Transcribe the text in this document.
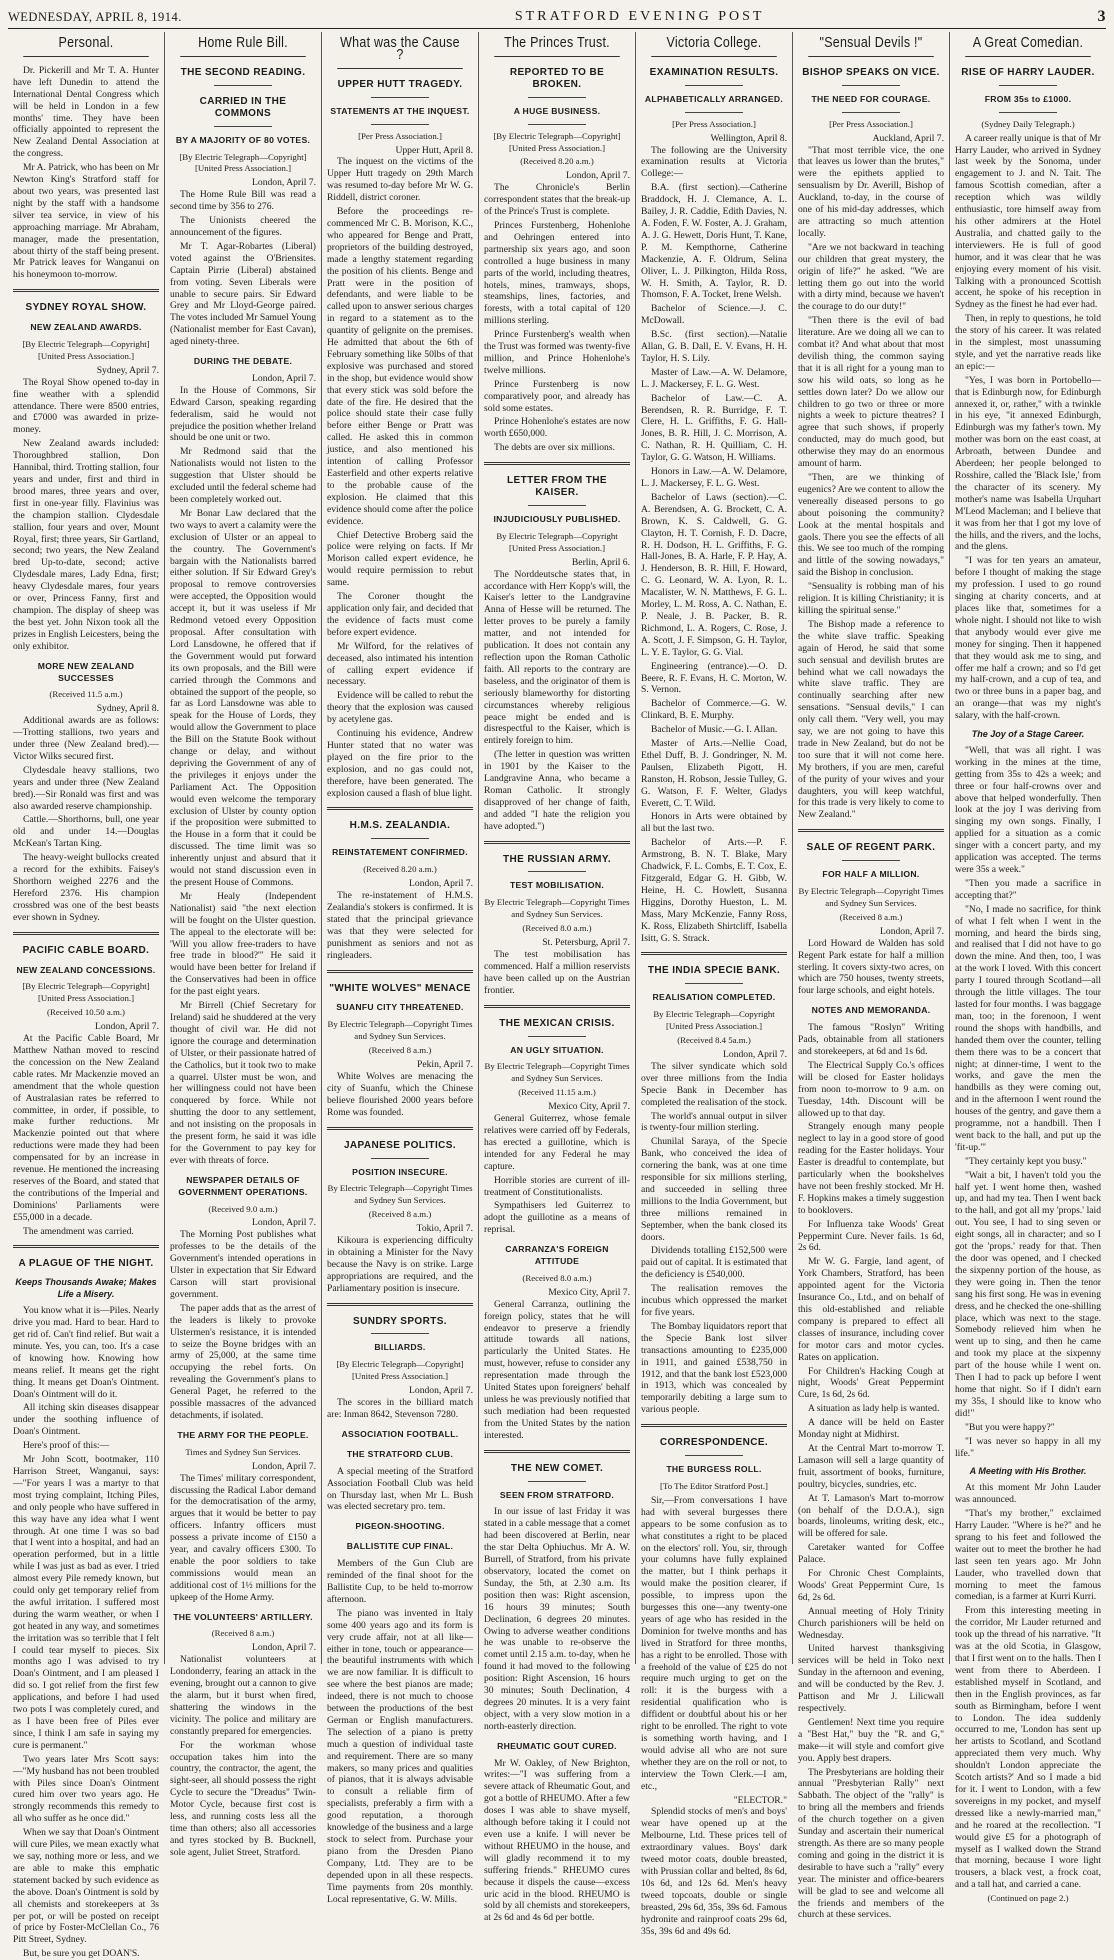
WEDNESDAY, APRIL 8, 1914.	STRATFORD EVENING POST	3
Personal.

Dr. Pickerill and Mr T. A. Hunter have left Dunedin to attend the International Dental Congress which will be held in London in a few months' time. They have been officially appointed to represent the New Zealand Dental Association at the congress.

Mr A. Patrick, who has been on Mr Newton King's Stratford staff for about two years, was presented last night by the staff with a handsome silver tea service, in view of his approaching marriage. Mr Abraham, manager, made the presentation, about thirty of the staff being present. Mr Patrick leaves for Wanganui on his honeymoon to-morrow.

SYDNEY ROYAL SHOW.
NEW ZEALAND AWARDS.
[By Electric Telegraph—Copyright] [United Press Association.]
Sydney, April 7.

The Royal Show opened to-day in fine weather with a splendid attendance. There were 8500 entries, and £7000 was awarded in prize-money.

New Zealand awards included: Thoroughbred stallion, Don Hannibal, third. Trotting stallion, four years and under, first and third in brood mares, three years and over, first in one-year filly. Flavinius was the champion stallion. Clydesdale stallion, four years and over, Mount Royal, first; three years, Sir Gartland, second; two years, the New Zealand bred Up-to-date, second; active Clydesdale mares, Lady Edna, first; heavy Clydesdale mares, four years or over, Princess Fanny, first and champion. The display of sheep was the best yet. John Nixon took all the prizes in English Leicesters, being the only exhibitor.

MORE NEW ZEALAND SUCCESSES
(Received 11.5 a.m.)
Sydney, April 8.

Additional awards are as follows:—Trotting stallions, two years and under three (New Zealand bred).—Victor Wilks secured first.

Clydesdale heavy stallions, two years and under three (New Zealand bred).—Sir Ronald was first and was also awarded reserve championship.

Cattle.—Shorthorns, bull, one year old and under 14.—Douglas McKean's Tartan King.

The heavy-weight bullocks created a record for the exhibits. Faisey's Shorthorn weighed 2276 and the Hereford 2376. His champion crossbred was one of the best beasts ever shown in Sydney.

PACIFIC CABLE BOARD.
NEW ZEALAND CONCESSIONS.
[By Electric Telegraph—Copyright] [United Press Association.]
(Received 10.50 a.m.)
London, April 7.

At the Pacific Cable Board, Mr Matthew Nathan moved to rescind the concession on the New Zealand cable rates. Mr Mackenzie moved an amendment that the whole question of Australasian rates be referred to committee, in order, if possible, to make further reductions. Mr Mackenzie pointed out that where reductions were made they had been compensated for by an increase in revenue. He mentioned the increasing reserves of the Board, and stated that the contributions of the Imperial and Dominions' Parliaments were £55,000 in a decade.

The amendment was carried.

A PLAGUE OF THE NIGHT.
Keeps Thousands Awake; Makes Life a Misery.

You know what it is—Piles. Nearly drive you mad. Hard to bear. Hard to get rid of. Can't find relief. But wait a minute. Yes, you can, too. It's a case of knowing how. Knowing how means relief. It means get the right thing. It means get Doan's Ointment. Doan's Ointment will do it.

All itching skin diseases disappear under the soothing influence of Doan's Ointment.

Here's proof of this:—

Mr John Scott, bootmaker, 110 Harrison Street, Wanganui, says:—"For years I was a martyr to that most trying complaint, Itching Piles, and only people who have suffered in this way have any idea what I went through. At one time I was so bad that I went into a hospital, and had an operation performed, but in a little while I was just as bad as ever. I tried almost every Pile remedy known, but could only get temporary relief from the awful irritation. I suffered most during the warm weather, or when I got heated in any way, and sometimes the irritation was so terrible that I felt I could tear myself to pieces. Six months ago I was advised to try Doan's Ointment, and I am pleased I did so. I got relief from the first few applications, and before I had used two pots I was completely cured, and as I have been free of Piles ever since, I think I am safe in saying my cure is permanent."

Two years later Mrs Scott says:—"My husband has not been troubled with Piles since Doan's Ointment cured him over two years ago. He strongly recommends this remedy to all who suffer as he once did."

When we say that Doan's Ointment will cure Piles, we mean exactly what we say, nothing more or less, and we are able to make this emphatic statement backed by such evidence as the above. Doan's Ointment is sold by all chemists and storekeepers at 3s per pot, or will be posted on receipt of price by Foster-McClellan Co., 76 Pitt Street, Sydney.

But, be sure you get DOAN'S.

Home Rule Bill.
THE SECOND READING.
CARRIED IN THE COMMONS
BY A MAJORITY OF 80 VOTES.
[By Electric Telegraph—Copyright] [United Press Association.]
London, April 7.

The Home Rule Bill was read a second time by 356 to 276.

The Unionists cheered the announcement of the figures.

Mr T. Agar-Robartes (Liberal) voted against the O'Briensites. Captain Pirrie (Liberal) abstained from voting. Seven Liberals were unable to secure pairs. Sir Edward Grey and Mr Lloyd-George paired. The votes included Mr Samuel Young (Nationalist member for East Cavan), aged ninety-three.

DURING THE DEBATE.
London, April 7.

In the House of Commons, Sir Edward Carson, speaking regarding federalism, said he would not prejudice the position whether Ireland should be one unit or two.

Mr Redmond said that the Nationalists would not listen to the suggestion that Ulster should be excluded until the federal scheme had been completely worked out.

Mr Bonar Law declared that the two ways to avert a calamity were the exclusion of Ulster or an appeal to the country. The Government's bargain with the Nationalists barred either solution. If Sir Edward Grey's proposal to remove controversies were accepted, the Opposition would accept it, but it was useless if Mr Redmond vetoed every Opposition proposal. After consultation with Lord Lansdowne, he offered that if the Government would put forward its own proposals, and the Bill were carried through the Commons and obtained the support of the people, so far as Lord Lansdowne was able to speak for the House of Lords, they would allow the Government to place the Bill on the Statute Book without change or delay, and without depriving the Government of any of the privileges it enjoys under the Parliament Act. The Opposition would even welcome the temporary exclusion of Ulster by county option if the proposition were submitted to the House in a form that it could be discussed. The time limit was so inherently unjust and absurd that it would not stand discussion even in the present House of Commons.

Mr Healy (Independent Nationalist) said "the next election will be fought on the Ulster question. The appeal to the electorate will be: 'Will you allow free-traders to have free trade in blood?'" He said it would have been better for Ireland if the Conservatives had been in office for the past eight years.

Mr Birrell (Chief Secretary for Ireland) said he shuddered at the very thought of civil war. He did not ignore the courage and determination of Ulster, or their passionate hatred of the Catholics, but it took two to make a quarrel. Ulster must be won, and her willingness could not have been conquered by force. While not shutting the door to any settlement, and not insisting on the proposals in the present form, he said it was idle for the Government to pay key for ever with threats of force.

NEWSPAPER DETAILS OF GOVERNMENT OPERATIONS.
(Received 9.0 a.m.)
London, April 7.

The Morning Post publishes what professes to be the details of the Government's intended operations in Ulster in expectation that Sir Edward Carson will start provisional government.

The paper adds that as the arrest of the leaders is likely to provoke Ulstermen's resistance, it is intended to seize the Boyne bridges with an army of 25,000, at the same time occupying the rebel forts. On revealing the Government's plans to General Paget, he referred to the possible massacres of the advanced detachments, if isolated.

THE ARMY FOR THE PEOPLE.
Times and Sydney Sun Services.
London, April 7.

The Times' military correspondent, discussing the Radical Labor demand for the democratisation of the army, argues that it would be better to pay officers. Infantry officers must possess a private income of £150 a year, and cavalry officers £300. To enable the poor soldiers to take commissions would mean an additional cost of 1½ millions for the upkeep of the Home Army.

THE VOLUNTEERS' ARTILLERY.
(Received 8 a.m.)
London, April 7.

Nationalist volunteers at Londonderry, fearing an attack in the evening, brought out a cannon to give the alarm, but it burst when fired, shattering the windows in the vicinity. The police and military are constantly prepared for emergencies.

For the workman whose occupation takes him into the country, the contractor, the agent, the sight-seer, all should possess the right Cycle to secure the "Dreadus" Twin-Motor Cycle, because first cost is less, and running costs less all the time than others; also all accessories and tyres stocked by B. Bucknell, sole agent, Juliet Street, Stratford.

What was the Cause ?
UPPER HUTT TRAGEDY.
STATEMENTS AT THE INQUEST.
[Per Press Association.]
Upper Hutt, April 8.

The inquest on the victims of the Upper Hutt tragedy on 29th March was resumed to-day before Mr W. G. Riddell, district coroner.

Before the proceedings re-commenced Mr C. B. Morison, K.C., who appeared for Benge and Pratt, proprietors of the building destroyed, made a lengthy statement regarding the position of his clients. Benge and Pratt were in the position of defendants, and were liable to be called upon to answer serious charges in regard to a statement as to the quantity of gelignite on the premises. He admitted that about the 6th of February something like 50lbs of that explosive was purchased and stored in the shop, but evidence would show that every stick was sold before the date of the fire. He desired that the police should state their case fully before either Benge or Pratt was called. He asked this in common justice, and also mentioned his intention of calling Professor Easterfield and other experts relative to the probable cause of the explosion. He claimed that this evidence should come after the police evidence.

Chief Detective Broberg said the police were relying on facts. If Mr Morison called expert evidence, he would require permission to rebut same.

The Coroner thought the application only fair, and decided that the evidence of facts must come before expert evidence.

Mr Wilford, for the relatives of deceased, also intimated his intention of calling expert evidence if necessary.

Evidence will be called to rebut the theory that the explosion was caused by acetylene gas.

Continuing his evidence, Andrew Hunter stated that no water was played on the fire prior to the explosion, and no gas could not, therefore, have been generated. The explosion caused a flash of blue light.

H.M.S. ZEALANDIA.
REINSTATEMENT CONFIRMED.
(Received 8.20 a.m.)
London, April 7.

The re-instatement of H.M.S. Zealandia's stokers is confirmed. It is stated that the principal grievance was that they were selected for punishment as seniors and not as ringleaders.

"WHITE WOLVES" MENACE
SUANFU CITY THREATENED.
By Electric Telegraph—Copyright Times and Sydney Sun Services.
(Received 8 a.m.)
Pekin, April 7.

White Wolves are menacing the city of Suanfu, which the Chinese believe flourished 2000 years before Rome was founded.

JAPANESE POLITICS.
POSITION INSECURE.
By Electric Telegraph—Copyright Times and Sydney Sun Services.
(Received 8 a.m.)
Tokio, April 7.

Kikoura is experiencing difficulty in obtaining a Minister for the Navy because the Navy is on strike. Large appropriations are required, and the Parliamentary position is insecure.

SUNDRY SPORTS.
BILLIARDS.
[By Electric Telegraph—Copyright] [United Press Association.]
London, April 7.

The scores in the billiard match are: Inman 8642, Stevenson 7280.

ASSOCIATION FOOTBALL.
THE STRATFORD CLUB.

A special meeting of the Stratford Association Football Club was held on Thursday last, when Mr L. Bush was elected secretary pro. tem.

PIGEON-SHOOTING.
BALLISTITE CUP FINAL.

Members of the Gun Club are reminded of the final shoot for the Ballistite Cup, to be held to-morrow afternoon.

The piano was invented in Italy some 400 years ago and its form is very crude affair, not at all like—either in tone, touch or appearance—the beautiful instruments with which we are now familiar. It is difficult to see where the best pianos are made; indeed, there is not much to choose between the productions of the best German or English manufacturers. The selection of a piano is pretty much a question of individual taste and requirement. There are so many makers, so many prices and qualities of pianos, that it is always advisable to consult a reliable firm of specialists, preferably a firm with a good reputation, a thorough knowledge of the business and a large stock to select from. Purchase your piano from the Dresden Piano Company, Ltd. They are to be depended upon in all these respects. Time payments from 20s monthly. Local representative, G. W. Mills.

The Princes Trust.
REPORTED TO BE BROKEN.
A HUGE BUSINESS.
[By Electric Telegraph—Copyright] [United Press Association.]
(Received 8.20 a.m.)
London, April 7.

The Chronicle's Berlin correspondent states that the break-up of the Prince's Trust is complete.

Princes Furstenberg, Hohenlohe and Oehringen entered into partnership six years ago, and soon controlled a huge business in many parts of the world, including theatres, hotels, mines, tramways, shops, steamships, lines, factories, and forests, with a total capital of 120 millions sterling.

Prince Furstenberg's wealth when the Trust was formed was twenty-five million, and Prince Hohenlohe's twelve millions.

Prince Furstenberg is now comparatively poor, and already has sold some estates.

Prince Hohenlohe's estates are now worth £650,000.

The debts are over six millions.

LETTER FROM THE KAISER.
INJUDICIOUSLY PUBLISHED.
By Electric Telegraph—Copyright [United Press Association.]
Berlin, April 6.

The Norddeutsche states that, in accordance with Herr Kopp's will, the Kaiser's letter to the Landgravine Anna of Hesse will be returned. The letter proves to be purely a family matter, and not intended for publication. It does not contain any reflection upon the Roman Catholic faith. All reports to the contrary are baseless, and the originator of them is seriously blameworthy for distorting circumstances whereby religious peace might be ended and is disrespectful to the Kaiser, which is entirely foreign to him.

(The letter in question was written in 1901 by the Kaiser to the Landgravine Anna, who became a Roman Catholic. It strongly disapproved of her change of faith, and added "I hate the religion you have adopted.")

THE RUSSIAN ARMY.
TEST MOBILISATION.
By Electric Telegraph—Copyright Times and Sydney Sun Services.
(Received 8.0 a.m.)
St. Petersburg, April 7.

The test mobilisation has commenced. Half a million reservists have been called up on the Austrian frontier.

THE MEXICAN CRISIS.
AN UGLY SITUATION.
By Electric Telegraph—Copyright Times and Sydney Sun Services.
(Received 11.15 a.m.)
Mexico City, April 7.

General Guiterrez, whose female relatives were carried off by Federals, has erected a guillotine, which is intended for any Federal he may capture.

Horrible stories are current of ill-treatment of Constitutionalists.

Sympathisers led Guiterrez to adopt the guillotine as a means of reprisal.

CARRANZA'S FOREIGN ATTITUDE
(Received 8.0 a.m.)
Mexico City, April 7.

General Carranza, outlining the foreign policy, states that he will endeavor to preserve a friendly attitude towards all nations, particularly the United States. He must, however, refuse to consider any representation made through the United States upon foreigners' behalf unless he was previously notified that such mediation had been requested from the United States by the nation interested.

THE NEW COMET.
SEEN FROM STRATFORD.

In our issue of last Friday it was stated in a cable message that a comet had been discovered at Berlin, near the star Delta Ophiuchus. Mr A. W. Burrell, of Stratford, from his private observatory, located the comet on Sunday, the 5th, at 2.30 a.m. Its position then was: Right ascension, 16 hours 39 minutes; South Declination, 6 degrees 20 minutes. Owing to adverse weather conditions he was unable to re-observe the comet until 2.15 a.m. to-day, when he found it had moved to the following position: Right Ascension, 16 hours 30 minutes; South Declination, 4 degrees 20 minutes. It is a very faint object, with a very slow motion in a north-easterly direction.

RHEUMATIC GOUT CURED.

Mr W. Oakley, of New Brighton, writes:—"I was suffering from a severe attack of Rheumatic Gout, and got a bottle of RHEUMO. After a few doses I was able to shave myself, although before taking it I could not even use a knife. I will never be without RHEUMO in the house, and will gladly recommend it to my suffering friends." RHEUMO cures because it dispels the cause—excess uric acid in the blood. RHEUMO is sold by all chemists and storekeepers, at 2s 6d and 4s 6d per bottle.

Victoria College.
EXAMINATION RESULTS.
ALPHABETICALLY ARRANGED.
[Per Press Association.]
Wellington, April 8.

The following are the University examination results at Victoria College:—

B.A. (first section).—Catherine Braddock, H. J. Clemance, A. L. Bailey, J. R. Caddie, Edith Davies, N. A. Foden, F. W. Foster, A. J. Graham, A. J. G. Hewett, Doris Hunt, T. Kane, P. M. Kempthorne, Catherine Mackenzie, A. F. Oldrum, Selina Oliver, L. J. Pilkington, Hilda Ross, W. H. Smith, A. Taylor, R. D. Thomson, F. A. Tocket, Irene Welsh.

Bachelor of Science.—J. C. McDowall.

B.Sc. (first section).—Natalie Allan, G. B. Dall, E. V. Evans, H. H. Taylor, H. S. Lily.

Master of Law.—A. W. Delamore, L. J. Mackersey, F. L. G. West.

Bachelor of Law.—C. A. Berendsen, R. R. Burridge, F. T. Clere, H. L. Griffiths, F. G. Hall-Jones, B. R. Hill, J. C. Morrison, A. C. Nathan, R. H. Quilliam, C. H. Taylor, G. G. Watson, H. Williams.

Honors in Law.—A. W. Delamore, L. J. Mackersey, F. L. G. West.

Bachelor of Laws (section).—C. A. Berendsen, A. G. Brockett, C. A. Brown, K. S. Caldwell, G. G. Clayton, H. T. Cornish, F. D. Dacre, R. H. Dodson, H. L. Griffiths, F. G. Hall-Jones, B. A. Harle, F. P. Hay, A. J. Henderson, B. R. Hill, F. Howard, C. G. Leonard, W. A. Lyon, R. L. Macalister, W. N. Matthews, F. G. L. Morley, L. M. Ross, A. C. Nathan, E. P. Neale, J. B. Packer, B. R. Richmond, L. A. Rogers, C. Rose, J. A. Scott, J. F. Simpson, G. H. Taylor, L. Y. E. Taylor, G. G. Vial.

Engineering (entrance).—O. D. Beere, R. F. Evans, H. C. Morton, W. S. Vernon.

Bachelor of Commerce.—G. W. Clinkard, B. E. Murphy.

Bachelor of Music.—G. I. Allan.

Master of Arts.—Nellie Coad, Ethel Duff, B. J. Gondringer, N. M. Paulsen, Elizabeth Pigott, H. Ranston, H. Robson, Jessie Tulley, G. G. Watson, F. F. Welter, Gladys Everett, C. T. Wild.

Honors in Arts were obtained by all but the last two.

Bachelor of Arts.—P. F. Armstrong, B. N. T. Blake, Mary Chadwick, F. L. Combs, E. T. Cox, E. Fitzgerald, Edgar G. H. Gibb, W. Heine, H. C. Howlett, Susanna Higgins, Dorothy Hueston, L. M. Mass, Mary McKenzie, Fanny Ross, K. Ross, Elizabeth Shirtcliff, Isabella Isitt, G. S. Strack.

THE INDIA SPECIE BANK.
REALISATION COMPLETED.
By Electric Telegraph—Copyright [United Press Association.]
(Received 8.4 5a.m.)
London, April 7.

The silver syndicate which sold over three millions from the India Specie Bank in December has completed the realisation of the stock.

The world's annual output in silver is twenty-four million sterling.

Chunilal Saraya, of the Specie Bank, who conceived the idea of cornering the bank, was at one time responsible for six millions sterling, and succeeded in selling three millions to the India Government, but three millions remained in September, when the bank closed its doors.

Dividends totalling £152,500 were paid out of capital. It is estimated that the deficiency is £540,000.

The realisation removes the incubus which oppressed the market for five years.

The Bombay liquidators report that the Specie Bank lost silver transactions amounting to £235,000 in 1911, and gained £538,750 in 1912, and that the bank lost £523,000 in 1913, which was concealed by temporarily debiting a large sum to various people.

CORRESPONDENCE.
THE BURGESS ROLL.
[To The Editor Stratford Post.]

Sir,—From conversations I have had with several burgesses there appears to be some confusion as to what constitutes a right to be placed on the electors' roll. You, sir, through your columns have fully explained the matter, but I think perhaps it would make the position clearer, if possible, to impress upon the burgesses this one—any twenty-one years of age who has resided in the Dominion for twelve months and has lived in Stratford for three months, has a right to be enrolled. Those with a freehold of the value of £25 do not require much urging to get on the roll: it is the burgess with a residential qualification who is diffident or doubtful about his or her right to be enrolled. The right to vote is something worth having, and I would advise all who are not sure whether they are on the roll or not, to interview the Town Clerk.—I am, etc.,

"ELECTOR."

Splendid stocks of men's and boys' wear have opened up at the Melbourne, Ltd. These prices tell of extraordinary values. Boys' dark tweed motor coats, double breasted, with Prussian collar and belted, 8s 6d, 10s 6d, and 12s 6d. Men's heavy tweed topcoats, double or single breasted, 29s 6d, 35s, 39s 6d. Famous hydronite and rainproof coats 29s 6d, 35s, 39s 6d and 49s 6d.

"Sensual Devils !"
BISHOP SPEAKS ON VICE.
THE NEED FOR COURAGE.
[Per Press Association.]
Auckland, April 7.

"That most terrible vice, the one that leaves us lower than the brutes," were the epithets applied to sensualism by Dr. Averill, Bishop of Auckland, to-day, in the course of one of his mid-day addresses, which are attracting so much attention locally.

"Are we not backward in teaching our children that great mystery, the origin of life?" he asked. "We are letting them go out into the world with a dirty mind, because we haven't the courage to do our duty!"

"Then there is the evil of bad literature. Are we doing all we can to combat it? And what about that most devilish thing, the common saying that it is all right for a young man to sow his wild oats, so long as he settles down later? Do we allow our children to go two or three or more nights a week to picture theatres? I agree that such shows, if properly conducted, may do much good, but otherwise they may do an enormous amount of harm.

"Then, are we thinking of eugenics? Are we content to allow the venereally diseased persons to go about poisoning the community? Look at the mental hospitals and gaols. There you see the effects of all this. We see too much of the romping and little of the sowing nowadays," said the Bishop in conclusion.

"Sensuality is robbing man of his religion. It is killing Christianity; it is killing the spiritual sense."

The Bishop made a reference to the white slave traffic. Speaking again of Herod, he said that some such sensual and devilish brutes are behind what we call nowadays the white slave traffic. They are continually searching after new sensations. "Sensual devils," I can only call them. "Very well, you may say, we are not going to have this trade in New Zealand, but do not be too sure that it will not come here. My brothers, if you are men, careful of the purity of your wives and your daughters, you will keep watchful, for this trade is very likely to come to New Zealand."

SALE OF REGENT PARK.
FOR HALF A MILLION.
By Electric Telegraph—Copyright Times and Sydney Sun Services.
(Received 8 a.m.)
London, April 7.

Lord Howard de Walden has sold Regent Park estate for half a million sterling. It covers sixty-two acres, on which are 750 houses, twenty streets, four large schools, and eight hotels.

NOTES AND MEMORANDA.

The famous "Roslyn" Writing Pads, obtainable from all stationers and storekeepers, at 6d and 1s 6d.

The Electrical Supply Co.'s offices will be closed for Easter holidays from noon to-morrow to 9 a.m. on Tuesday, 14th. Discount will be allowed up to that day.

Strangely enough many people neglect to lay in a good store of good reading for the Easter holidays. Your Easter is dreadful to contemplate, but particularly when the bookshelves have not been freshly stocked. Mr H. F. Hopkins makes a timely suggestion to booklovers.

For Influenza take Woods' Great Peppermint Cure. Never fails. 1s 6d, 2s 6d.

Mr W. G. Fargie, land agent, of York Chambers, Stratford, has been appointed agent for the Victoria Insurance Co., Ltd., and on behalf of this old-established and reliable company is prepared to effect all classes of insurance, including cover for motor cars and motor cycles. Rates on application.

For Children's Hacking Cough at night, Woods' Great Peppermint Cure, 1s 6d, 2s 6d.

A situation as lady help is wanted.

A dance will be held on Easter Monday night at Midhirst.

At the Central Mart to-morrow T. Lamason will sell a large quantity of fruit, assortment of books, furniture, poultry, bicycles, sundries, etc.

At T. Lamason's Mart to-morrow (on behalf of the D.O.A.), sign boards, linoleums, writing desk, etc., will be offered for sale.

Caretaker wanted for Coffee Palace.

For Chronic Chest Complaints, Woods' Great Peppermint Cure, 1s 6d, 2s 6d.

Annual meeting of Holy Trinity Church parishioners will be held on Wednesday.

United harvest thanksgiving services will be held in Toko next Sunday in the afternoon and evening, and will be conducted by the Rev. J. Pattison and Mr J. Lilicwall respectively.

Gentlemen! Next time you require a "Best Hat," buy the "R. and G," make—it will style and comfort give you. Apply best drapers.

The Presbyterians are holding their annual "Presbyterian Rally" next Sabbath. The object of the "rally" is to bring all the members and friends of the church together on a given Sunday and ascertain their numerical strength. As there are so many people coming and going in the district it is desirable to have such a "rally" every year. The minister and office-bearers will be glad to see and welcome all the friends and members of the church at these services.

A Great Comedian.
RISE OF HARRY LAUDER.
FROM 35s to £1000.
(Sydney Daily Telegraph.)

A career really unique is that of Mr Harry Lauder, who arrived in Sydney last week by the Sonoma, under engagement to J. and N. Tait. The famous Scottish comedian, after a reception which was wildly enthusiastic, tore himself away from his other admirers at the Hotel Australia, and chatted gaily to the interviewers. He is full of good humor, and it was clear that he was enjoying every moment of his visit. Talking with a pronounced Scottish accent, he spoke of his reception in Sydney as the finest he had ever had.

Then, in reply to questions, he told the story of his career. It was related in the simplest, most unassuming style, and yet the narrative reads like an epic:—

"Yes, I was born in Portobello—that is Edinburgh now, for Edinburgh annexed it, or, rather," with a twinkle in his eye, "it annexed Edinburgh, Edinburgh was my father's town. My mother was born on the east coast, at Arbroath, between Dundee and Aberdeen; her people belonged to Rosshire, called the 'Black Isle,' from the character of its scenery. My mother's name was Isabella Urquhart M'Leod Macleman; and I believe that it was from her that I got my love of the hills, and the rivers, and the lochs, and the glens.

"I was for ten years an amateur, before I thought of making the stage my profession. I used to go round singing at charity concerts, and at places like that, sometimes for a whole night. I should not like to wish that anybody would ever give me money for singing. Then it happened that they would ask me to sing, and offer me half a crown; and so I'd get my half-crown, and a cup of tea, and two or three buns in a paper bag, and an orange—that was my night's salary, with the half-crown.

The Joy of a Stage Career.

"Well, that was all right. I was working in the mines at the time, getting from 35s to 42s a week; and three or four half-crowns over and above that helped wonderfully. Then look at the joy I was deriving from singing my own songs. Finally, I applied for a situation as a comic singer with a concert party, and my application was accepted. The terms were 35s a week."

"Then you made a sacrifice in accepting that?"

"No, I made no sacrifice, for think of what I felt when I went in the morning, and heard the birds sing, and realised that I did not have to go down the mine. And then, too, I was at the work I loved. With this concert party I toured through Scotland—all through the little villages. The tour lasted for four months. I was baggage man, too; in the forenoon, I went round the shops with handbills, and handed them over the counter, telling them there was to be a concert that night; at dinner-time, I went to the works, and gave the men the handbills as they were coming out, and in the afternoon I went round the houses of the gentry, and gave them a programme, not a handbill. Then I went back to the hall, and put up the 'fit-up.'"

"They certainly kept you busy."

"Wait a bit, I haven't told you the half yet. I went home then, washed up, and had my tea. Then I went back to the hall, and got all my 'props.' laid out. You see, I had to sing seven or eight songs, all in character; and so I got the 'props.' ready for that. Then the door was opened, and I checked the sixpenny portion of the house, as they were going in. Then the tenor sang his first song. He was in evening dress, and he checked the one-shilling place, which was next to the stage. Somebody relieved him when he went up to sing, and then he came and took my place at the sixpenny part of the house while I went on. Then I had to pack up before I went home that night. So if I didn't earn my 35s, I should like to know who did!"

"But you were happy?"

"I was never so happy in all my life."

A Meeting with His Brother.

At this moment Mr John Lauder was announced.

"That's my brother," exclaimed Harry Lauder. "Where is he?" and he sprang to his feet and followed the waiter out to meet the brother he had last seen ten years ago. Mr John Lauder, who travelled down that morning to meet the famous comedian, is a farmer at Kurri Kurri.

From this interesting meeting in the corridor, Mr Lauder returned and took up the thread of his narrative. "It was at the old Scotia, in Glasgow, that I first went on to the halls. Then I went from there to Aberdeen. I established myself in Scotland, and then in the English provinces, as far south as Birmingham, before I went to London. The idea suddenly occurred to me, 'London has sent up her artists to Scotland, and Scotland appreciated them very much. Why shouldn't London appreciate the Scotch artists?' And so I made a bid for it. I went to London, with a few sovereigns in my pocket, and myself dressed like a newly-married man," and he roared at the recollection. "I would give £5 for a photograph of myself as I walked down the Strand that morning, because I wore light trousers, a black vest, a frock coat, and a tall hat, and carried a cane.

(Continued on page 2.)
